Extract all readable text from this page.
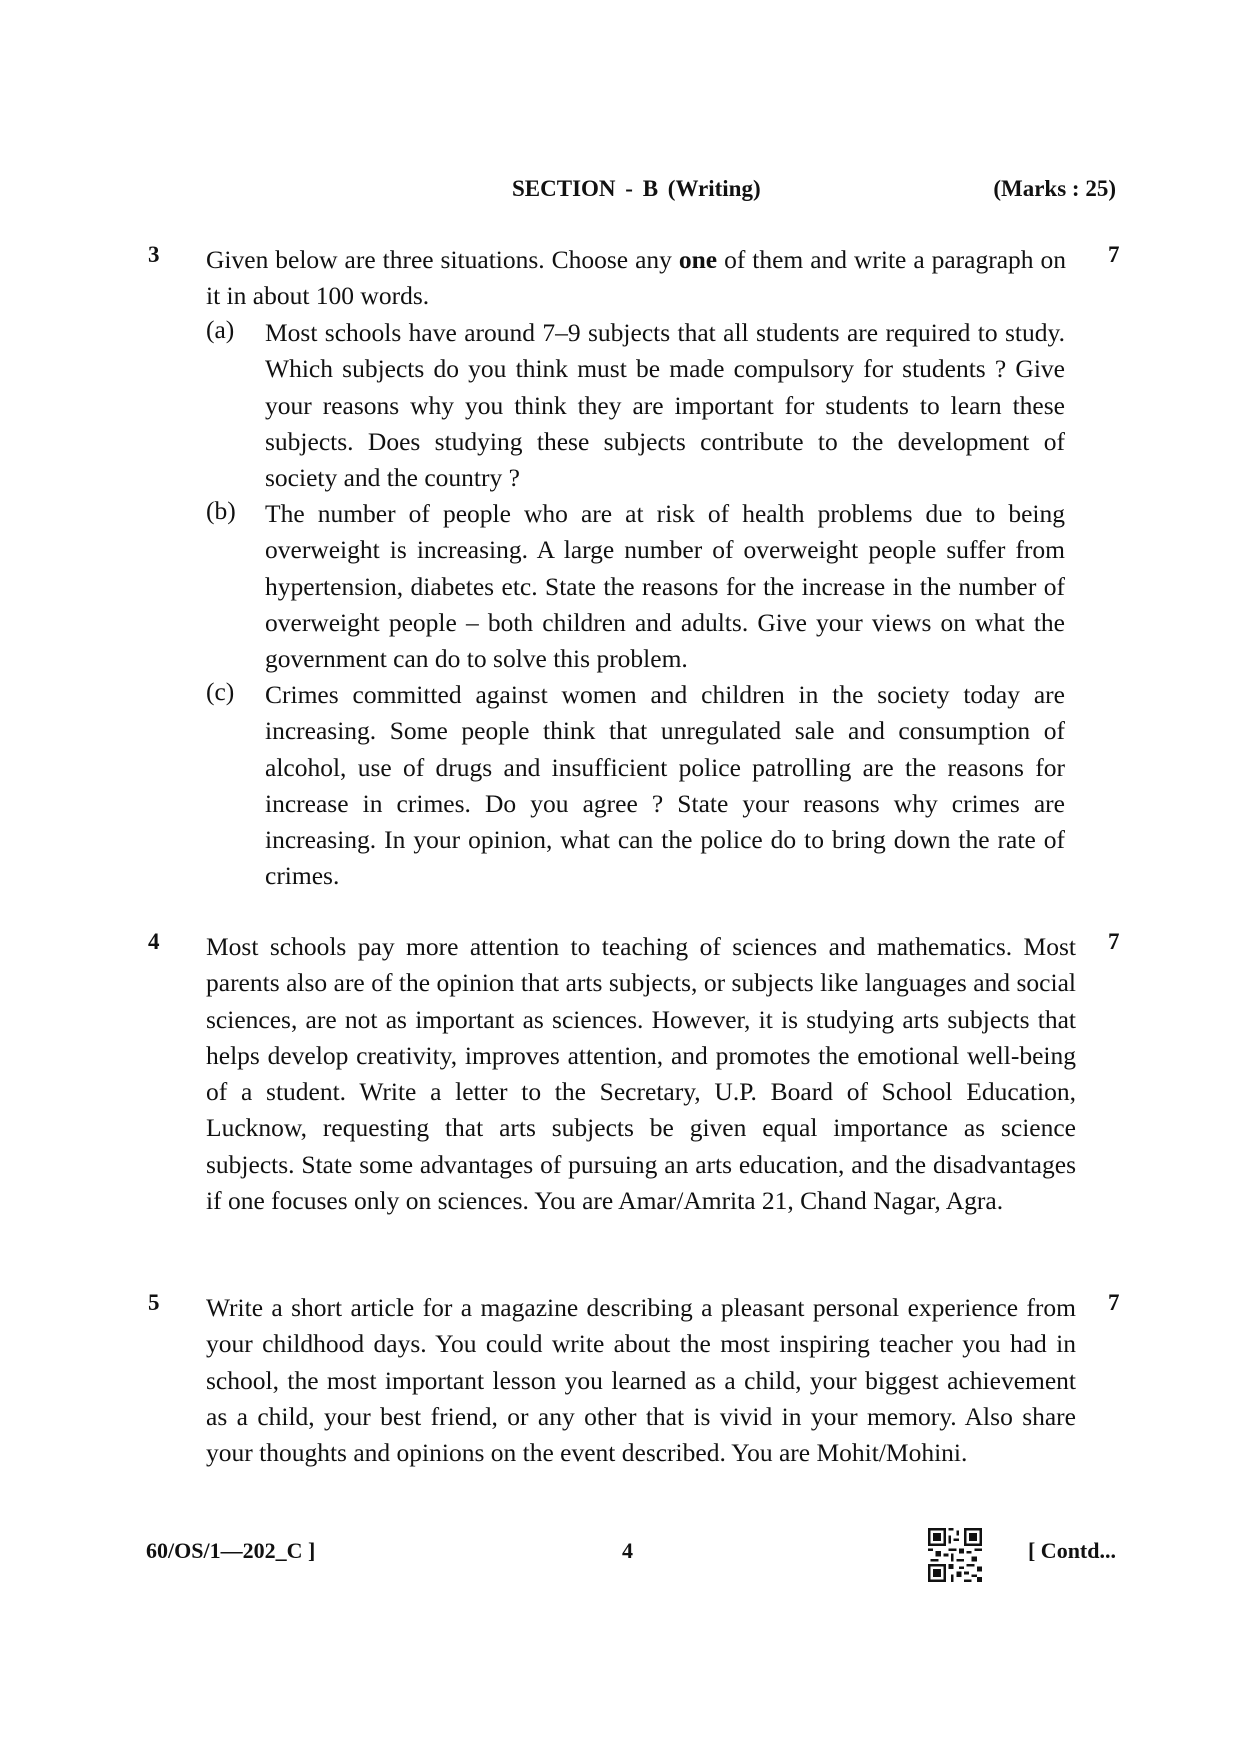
SECTION - B (Writing)	(Marks : 25)
3 Given below are three situations. Choose any one of them and write a paragraph on it in about 100 words.
7
(a) Most schools have around 7–9 subjects that all students are required to study. Which subjects do you think must be made compulsory for students ? Give your reasons why you think they are important for students to learn these subjects. Does studying these subjects contribute to the development of society and the country ?
(b) The number of people who are at risk of health problems due to being overweight is increasing. A large number of overweight people suffer from hypertension, diabetes etc. State the reasons for the increase in the number of overweight people – both children and adults. Give your views on what the government can do to solve this problem.
(c) Crimes committed against women and children in the society today are increasing. Some people think that unregulated sale and consumption of alcohol, use of drugs and insufficient police patrolling are the reasons for increase in crimes. Do you agree ? State your reasons why crimes are increasing. In your opinion, what can the police do to bring down the rate of crimes.
4 Most schools pay more attention to teaching of sciences and mathematics. Most parents also are of the opinion that arts subjects, or subjects like languages and social sciences, are not as important as sciences. However, it is studying arts subjects that helps develop creativity, improves attention, and promotes the emotional well-being of a student. Write a letter to the Secretary, U.P. Board of School Education, Lucknow, requesting that arts subjects be given equal importance as science subjects. State some advantages of pursuing an arts education, and the disadvantages if one focuses only on sciences. You are Amar/Amrita 21, Chand Nagar, Agra.
7
5 Write a short article for a magazine describing a pleasant personal experience from your childhood days. You could write about the most inspiring teacher you had in school, the most important lesson you learned as a child, your biggest achievement as a child, your best friend, or any other that is vivid in your memory. Also share your thoughts and opinions on the event described. You are Mohit/Mohini.
7
60/OS/1—202_C ]	4	[ Contd...
